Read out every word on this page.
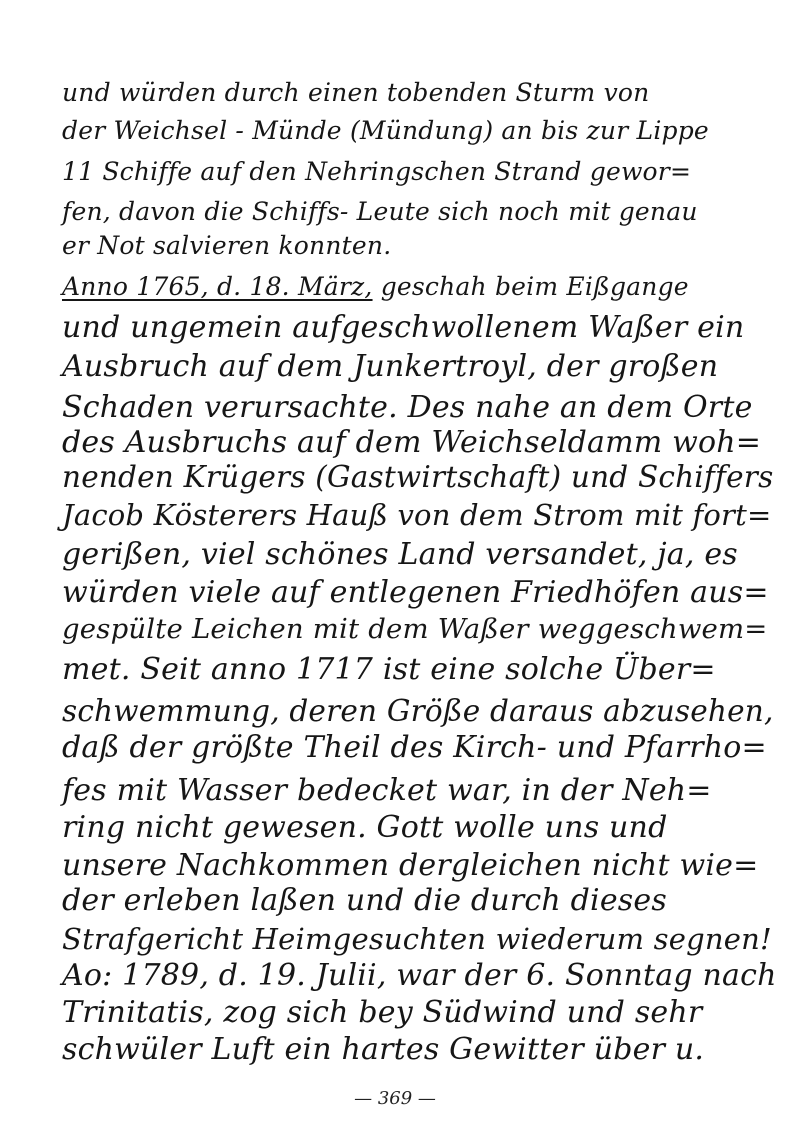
und würden durch einen tobenden Sturm von
der Weichsel - Münde (Mündung) an bis zur Lippe
11 Schiffe auf den Nehringschen Strand gewor=
fen, davon die Schiffs- Leute sich noch mit genau
er Not salvieren konnten.
Anno 1765, d. 18. März, geschah beim Eißgange
und ungemein aufgeschwollenem Waßer ein
Ausbruch auf dem Junkertroyl, der großen
Schaden verursachte. Des nahe an dem Orte
des Ausbruchs auf dem Weichseldamm woh=
nenden Krügers (Gastwirtschaft) und Schiffers
Jacob Kösterers Hauß von dem Strom mit fort=
gerißen, viel schönes Land versandet, ja, es
würden viele auf entlegenen Friedhöfen aus=
gespülte Leichen mit dem Waßer weggeschwem=
met. Seit anno 1717 ist eine solche Über=
schwemmung, deren Größe daraus abzusehen,
daß der größte Theil des Kirch- und Pfarrho=
fes mit Wasser bedecket war, in der Neh=
ring nicht gewesen. Gott wolle uns und
unsere Nachkommen dergleichen nicht wie=
der erleben laßen und die durch dieses
Strafgericht Heimgesuchten wiederum segnen!
Ao: 1789, d. 19. Julii, war der 6. Sonntag nach
Trinitatis, zog sich bey Südwind und sehr
schwüler Luft ein hartes Gewitter über u.
— 369 —
